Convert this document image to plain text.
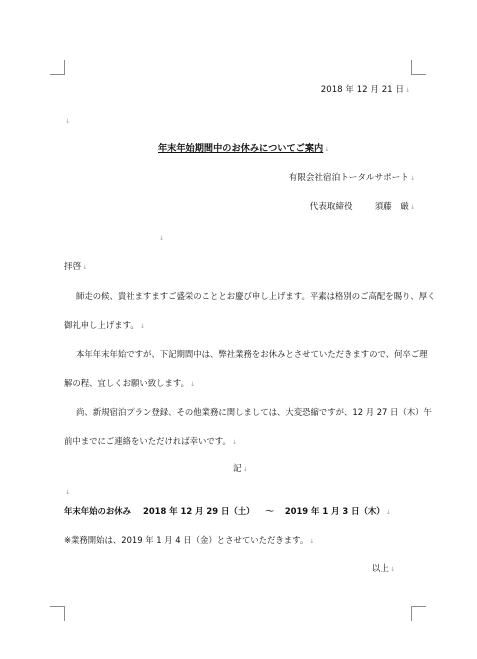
2018 年 12 月 21 日↓
↓
年末年始期間中のお休みについてご案内↓
有限会社宿泊トータルサポート↓
代表取締役	須藤　厳↓
↓
拝啓↓
師走の候、貴社ますますご盛栄のこととお慶び申し上げます。平素は格別のご高配を賜り、厚く
御礼申し上げます。↓
本年年末年始ですが、下記期間中は、弊社業務をお休みとさせていただきますので、何卒ご理
解の程、宜しくお願い致します。↓
尚、新規宿泊プラン登録、その他業務に関しましては、大変恐縮ですが、12 月 27 日（木）午
前中までにご連絡をいただければ幸いです。↓
記↓
↓
年末年始のお休み 2018 年 12 月 29 日（土） ～ 2019 年 1 月 3 日（木）↓
※業務開始は、2019 年 1 月 4 日（金）とさせていただきます。↓
以上↓
